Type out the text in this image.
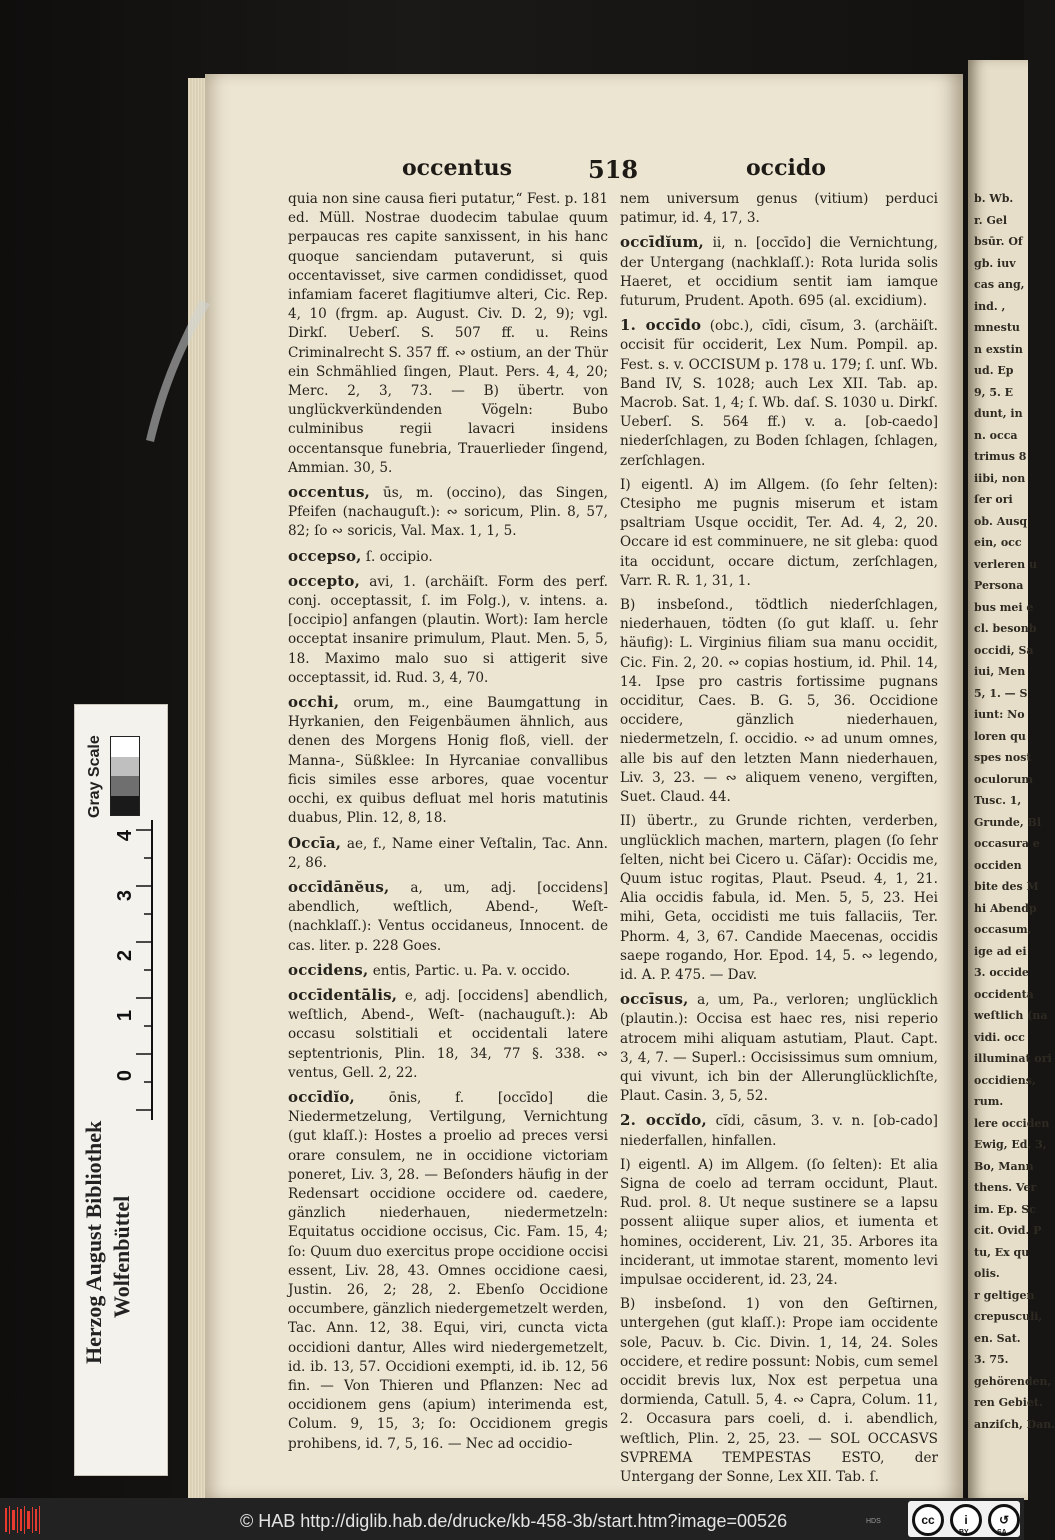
b. Wb.
r. Gel
bsūr. Of
gb. iuv
cas ang,
ind. ,
mnestu
n exstin
ud. Ep
9, 5. E
dunt, in
n. occa
trimus 8
iibi, non
ſer ori
ob. Ausq
ein, occ
verleren u
Persona
bus mei e
cl. besonb
occidi, Sa
iui, Men
5, 1. — S
iunt: No
loren qu
spes nost
oculorum
Tusc. 1,
Grunde, Bl
occasura e
occiden
bite des M
hi Abendp
occasum,
ige ad ei
3. occide
occidenta
weſtlich (na
vidi. occ
illuminat ori
occidiens,
rum.
lere occiden
Ewig, Ed. 3,
Bo, Mann
thens. Ver
im. Ep. Sc
cit. Ovid. P
tu, Ex qu
olis.
r geltigen
crepusculi,
en. Sat.
3. 75.
gehörenden,
ren Gebiet.
anziſch, Dan.
occentus	518	occido

quia non sine causa fieri putatur,“ Fest. p. 181 ed. Müll. Nostrae duodecim tabulae quum perpaucas res capite sanxissent, in his hanc quoque sanciendam putaverunt, si quis occentavisset, sive carmen condidisset, quod infamiam faceret flagitiumve alteri, Cic. Rep. 4, 10 (frgm. ap. August. Civ. D. 2, 9); vgl. Dirkſ. Ueberſ. S. 507 ff. u. Reins Criminalrecht S. 357 ff. ∾ ostium, an der Thür ein Schmählied ſingen, Plaut. Pers. 4, 4, 20; Merc. 2, 3, 73. — B) übertr. von unglückverkündenden Vögeln: Bubo culminibus regii lavacri insidens occentansque funebria, Trauerlieder ſingend, Ammian. 30, 5.

occentus, ūs, m. (occino), das Singen, Pfeifen (nachauguſt.): ∾ soricum, Plin. 8, 57, 82; ſo ∾ soricis, Val. Max. 1, 1, 5.

occepso, ſ. occipio.

occepto, avi, 1. (archäiſt. Form des perf. conj. occeptassit, ſ. im Folg.), v. intens. a. [occipio] anfangen (plautin. Wort): Iam hercle occeptat insanire primulum, Plaut. Men. 5, 5, 18. Maximo malo suo si attigerit sive occeptassit, id. Rud. 3, 4, 70.

occhi, orum, m., eine Baumgattung in Hyrkanien, den Feigenbäumen ähnlich, aus denen des Morgens Honig floß, viell. der Manna-, Süßklee: In Hyrcaniae convallibus ficis similes esse arbores, quae vocentur occhi, ex quibus defluat mel horis matutinis duabus, Plin. 12, 8, 18.

Occīa, ae, f., Name einer Veſtalin, Tac. Ann. 2, 86.

occīdānĕus, a, um, adj. [occidens] abendlich, weſtlich, Abend-, Weſt- (nachklaſſ.): Ventus occidaneus, Innocent. de cas. liter. p. 228 Goes.

occidens, entis, Partic. u. Pa. v. occido.

occīdentālis, e, adj. [occidens] abendlich, weſtlich, Abend-, Weſt- (nachauguſt.): Ab occasu solstitiali et occidentali latere septentrionis, Plin. 18, 34, 77 §. 338. ∾ ventus, Gell. 2, 22.

occīdĭo, ōnis, f. [occīdo] die Niedermetzelung, Vertilgung, Vernichtung (gut klaſſ.): Hostes a proelio ad preces versi orare consulem, ne in occidione victoriam poneret, Liv. 3, 28. — Beſonders häufig in der Redensart occidione occidere od. caedere, gänzlich niederhauen, niedermetzeln: Equitatus occidione occisus, Cic. Fam. 15, 4; ſo: Quum duo exercitus prope occidione occisi essent, Liv. 28, 43. Omnes occidione caesi, Justin. 26, 2; 28, 2. Ebenſo Occidione occumbere, gänzlich niedergemetzelt werden, Tac. Ann. 12, 38. Equi, viri, cuncta victa occidioni dantur, Alles wird niedergemetzelt, id. ib. 13, 57. Occidioni exempti, id. ib. 12, 56 fin. — Von Thieren und Pflanzen: Nec ad occidionem gens (apium) interimenda est, Colum. 9, 15, 3; ſo: Occidionem gregis prohibens, id. 7, 5, 16. — Nec ad occidio-

nem universum genus (vitium) perduci patimur, id. 4, 17, 3.

occīdĭum, ii, n. [occīdo] die Vernichtung, der Untergang (nachklaſſ.): Rota lurida solis Haeret, et occidium sentit iam iamque futurum, Prudent. Apoth. 695 (al. excidium).

1. occīdo (obc.), cīdi, cīsum, 3. (archäiſt. occisit für occiderit, Lex Num. Pompil. ap. Fest. s. v. OCCISUM p. 178 u. 179; ſ. unſ. Wb. Band IV, S. 1028; auch Lex XII. Tab. ap. Macrob. Sat. 1, 4; ſ. Wb. daſ. S. 1030 u. Dirkſ. Ueberſ. S. 564 ff.) v. a. [ob-caedo] niederſchlagen, zu Boden ſchlagen, ſchlagen, zerſchlagen.

I) eigentl. A) im Allgem. (ſo ſehr ſelten): Ctesipho me pugnis miserum et istam psaltriam Usque occidit, Ter. Ad. 4, 2, 20. Occare id est comminuere, ne sit gleba: quod ita occidunt, occare dictum, zerſchlagen, Varr. R. R. 1, 31, 1.

B) insbeſond., tödtlich niederſchlagen, niederhauen, tödten (ſo gut klaſſ. u. ſehr häufig): L. Virginius filiam sua manu occidit, Cic. Fin. 2, 20. ∾ copias hostium, id. Phil. 14, 14. Ipse pro castris fortissime pugnans occiditur, Caes. B. G. 5, 36. Occidione occidere, gänzlich niederhauen, niedermetzeln, ſ. occidio. ∾ ad unum omnes, alle bis auf den letzten Mann niederhauen, Liv. 3, 23. — ∾ aliquem veneno, vergiften, Suet. Claud. 44.

II) übertr., zu Grunde richten, verderben, unglücklich machen, martern, plagen (ſo ſehr ſelten, nicht bei Cicero u. Cäſar): Occidis me, Quum istuc rogitas, Plaut. Pseud. 4, 1, 21. Alia occidis fabula, id. Men. 5, 5, 23. Hei mihi, Geta, occidisti me tuis fallaciis, Ter. Phorm. 4, 3, 67. Candide Maecenas, occidis saepe rogando, Hor. Epod. 14, 5. ∾ legendo, id. A. P. 475. — Dav.

occīsus, a, um, Pa., verloren; unglücklich (plautin.): Occisa est haec res, nisi reperio atrocem mihi aliquam astutiam, Plaut. Capt. 3, 4, 7. — Superl.: Occisissimus sum omnium, qui vivunt, ich bin der Allerunglücklichſte, Plaut. Casin. 3, 5, 52.

2. occĭdo, cĭdi, cāsum, 3. v. n. [ob-cado] niederfallen, hinfallen.

I) eigentl. A) im Allgem. (ſo ſelten): Et alia Signa de coelo ad terram occidunt, Plaut. Rud. prol. 8. Ut neque sustinere se a lapsu possent aliique super alios, et iumenta et homines, occiderent, Liv. 21, 35. Arbores ita inciderant, ut immotae starent, momento levi impulsae occiderent, id. 23, 24.

B) insbeſond. 1) von den Geſtirnen, untergehen (gut klaſſ.): Prope iam occidente sole, Pacuv. b. Cic. Divin. 1, 14, 24. Soles occidere, et redire possunt: Nobis, cum semel occidit brevis lux, Nox est perpetua una dormienda, Catull. 5, 4. ∾ Capra, Colum. 11, 2. Occasura pars coeli, d. i. abendlich, weſtlich, Plin. 2, 25, 23. — SOL OCCASVS SVPREMA TEMPESTAS ESTO, der Untergang der Sonne, Lex XII. Tab. ſ.

Gray Scale
0
1
2
3
4
Herzog August Bibliothek Wolfenbüttel
© HAB http://diglib.hab.de/drucke/kb-458-3b/start.htm?image=00526	HDS	cc	i	↺
BY	SA
